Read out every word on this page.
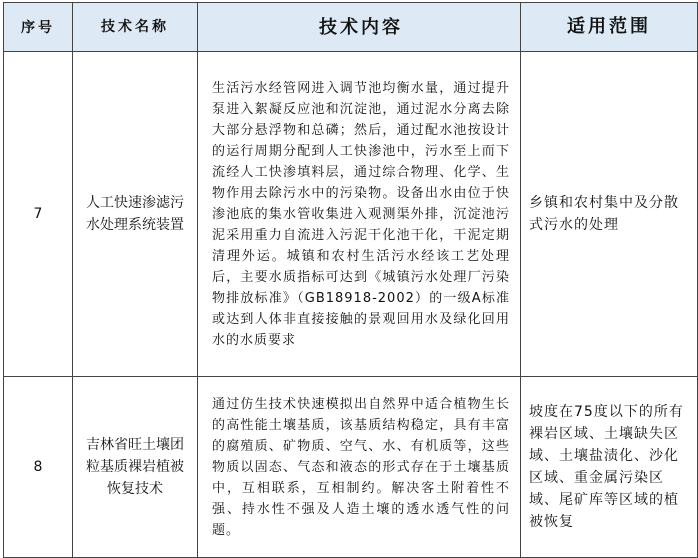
序号	技术名称	技术内容	适用范围
7	人工快速渗滤污水处理系统装置	生活污水经管网进入调节池均衡水量，通过提升泵进入絮凝反应池和沉淀池，通过泥水分离去除大部分悬浮物和总磷；然后，通过配水池按设计的运行周期分配到人工快渗池中，污水至上而下流经人工快渗填料层，通过综合物理、化学、生物作用去除污水中的污染物。设备出水由位于快渗池底的集水管收集进入观测渠外排，沉淀池污泥采用重力自流进入污泥干化池干化，干泥定期清理外运。城镇和农村生活污水经该工艺处理后，主要水质指标可达到《城镇污水处理厂污染物排放标准》（GB18918-2002）的一级A标准或达到人体非直接接触的景观回用水及绿化回用水的水质要求	乡镇和农村集中及分散式污水的处理
8	吉林省旺土壤团粒基质裸岩植被恢复技术	通过仿生技术快速模拟出自然界中适合植物生长的高性能土壤基质，该基质结构稳定，具有丰富的腐殖质、矿物质、空气、水、有机质等，这些物质以固态、气态和液态的形式存在于土壤基质中，互相联系，互相制约。解决客土附着性不强、持水性不强及人造土壤的透水透气性的问题。	坡度在75度以下的所有裸岩区域、土壤缺失区域、土壤盐渍化、沙化区域、重金属污染区域、尾矿库等区域的植被恢复
